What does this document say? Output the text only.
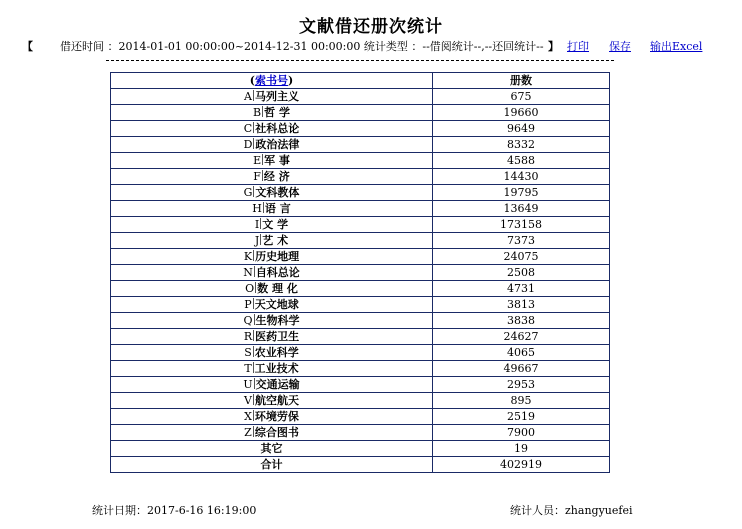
文献借还册次统计
【 借还时间 ：2014-01-01 00:00:00~2014-12-31 00:00:00 统计类型 ：--借阅统计--,--还回统计-- 】 打印 保存 输出Excel
(索书号)	册数
A 马列主义	675
B 哲 学	19660
C 社科总论	9649
D 政治法律	8332
E 军 事	4588
F 经 济	14430
G 文科教体	19795
H 语 言	13649
I 文 学	173158
J 艺 术	7373
K 历史地理	24075
N 自科总论	2508
O 数 理 化	4731
P 天文地球	3813
Q 生物科学	3838
R 医药卫生	24627
S 农业科学	4065
T 工业技术	49667
U 交通运输	2953
V 航空航天	895
X 环境劳保	2519
Z 综合图书	7900
其它	19
合计	402919
统计日期：2017-6-16 16:19:00	统计人员：zhangyuefei
